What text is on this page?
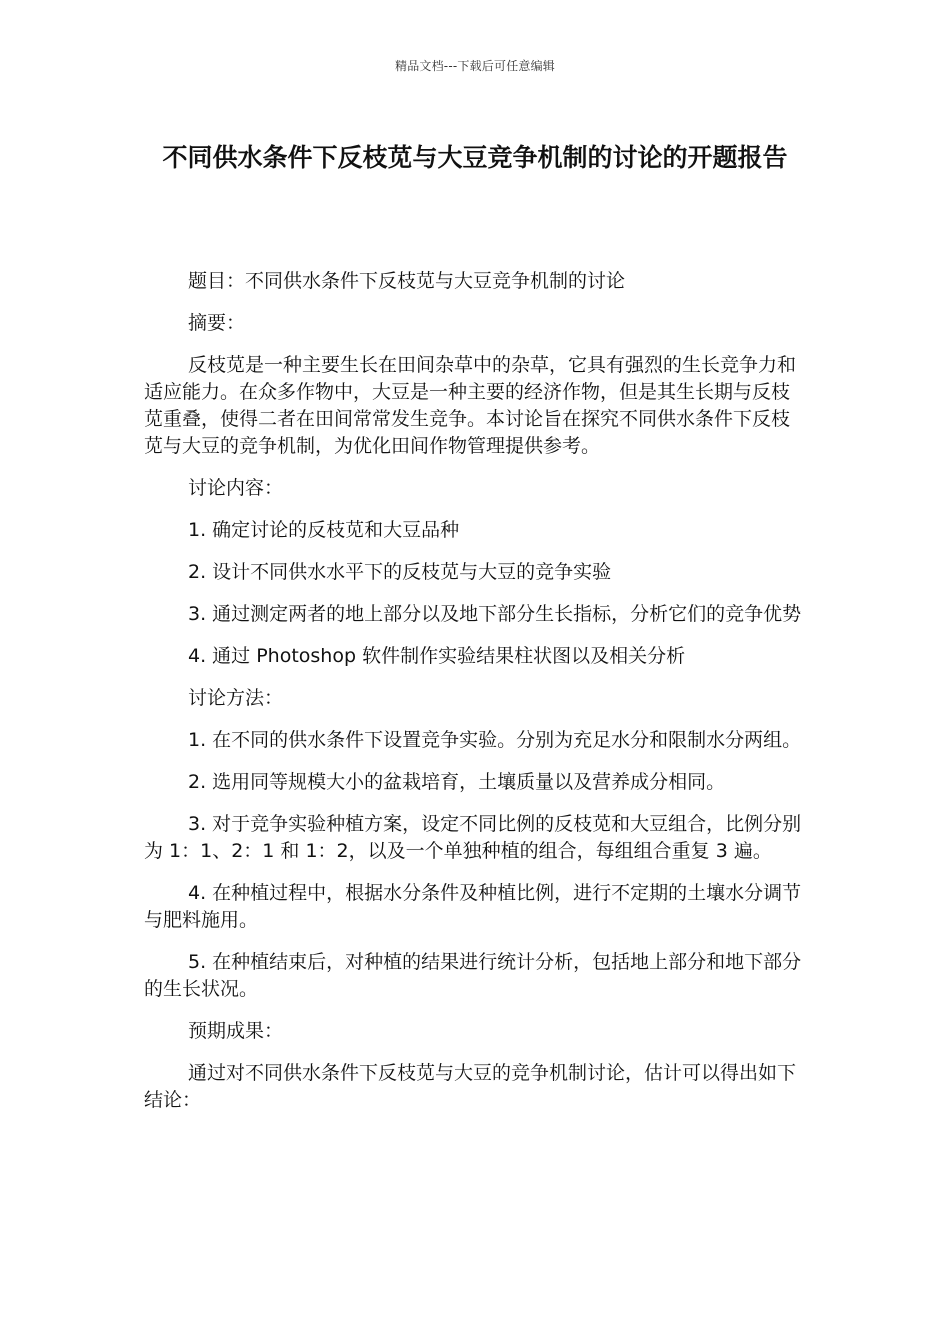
精品文档---下载后可任意编辑
不同供水条件下反枝苋与大豆竞争机制的讨论的开题报告

题目：不同供水条件下反枝苋与大豆竞争机制的讨论

摘要：

反枝苋是一种主要生长在田间杂草中的杂草，它具有强烈的生长竞争力和适应能力。在众多作物中，大豆是一种主要的经济作物，但是其生长期与反枝苋重叠，使得二者在田间常常发生竞争。本讨论旨在探究不同供水条件下反枝苋与大豆的竞争机制，为优化田间作物管理提供参考。

讨论内容：

1. 确定讨论的反枝苋和大豆品种

2. 设计不同供水水平下的反枝苋与大豆的竞争实验

3. 通过测定两者的地上部分以及地下部分生长指标，分析它们的竞争优势

4. 通过 Photoshop 软件制作实验结果柱状图以及相关分析

讨论方法：

1. 在不同的供水条件下设置竞争实验。分别为充足水分和限制水分两组。

2. 选用同等规模大小的盆栽培育，土壤质量以及营养成分相同。

3. 对于竞争实验种植方案，设定不同比例的反枝苋和大豆组合，比例分别为 1：1、2：1 和 1：2，以及一个单独种植的组合，每组组合重复 3 遍。

4. 在种植过程中，根据水分条件及种植比例，进行不定期的土壤水分调节与肥料施用。

5. 在种植结束后，对种植的结果进行统计分析，包括地上部分和地下部分的生长状况。

预期成果：

通过对不同供水条件下反枝苋与大豆的竞争机制讨论，估计可以得出如下结论：
